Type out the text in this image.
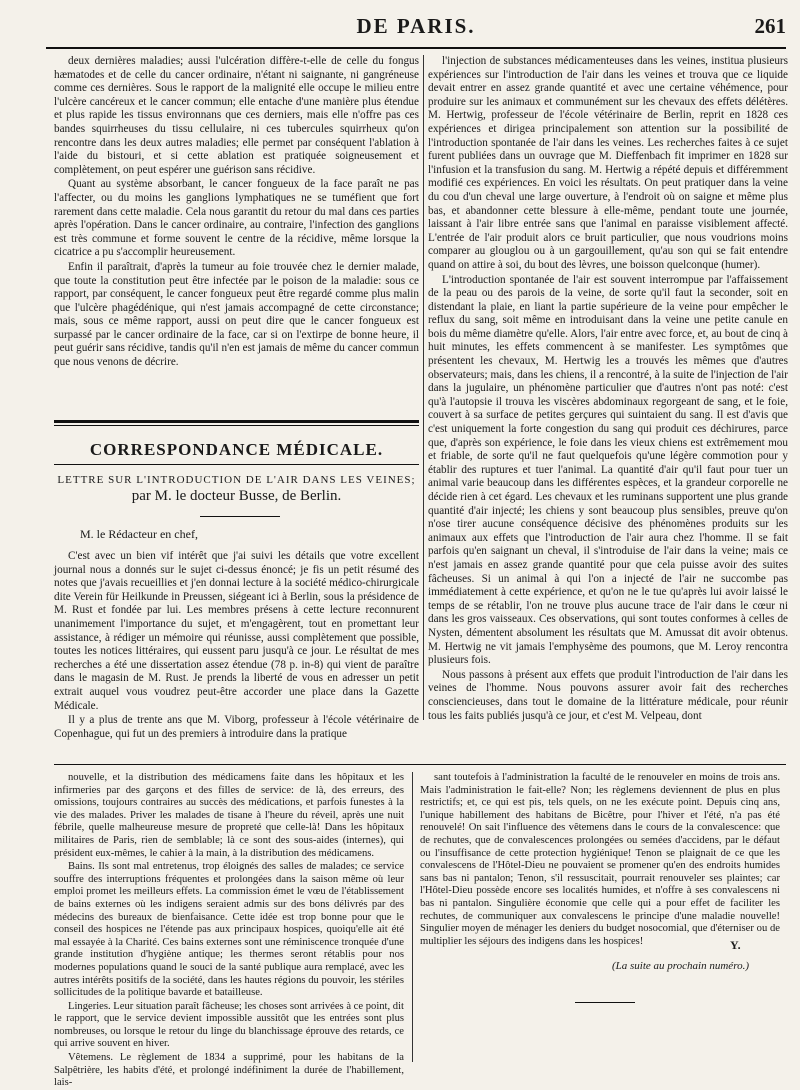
DE PARIS.	261

deux dernières maladies; aussi l'ulcération diffère-t-elle de celle du fongus hæmatodes et de celle du cancer ordinaire, n'étant ni saignante, ni gangréneuse comme ces dernières. Sous le rapport de la malignité elle occupe le milieu entre l'ulcère cancéreux et le cancer commun; elle entache d'une manière plus étendue et plus rapide les tissus environnans que ces derniers, mais elle n'offre pas ces bandes squirrheuses du tissu cellulaire, ni ces tubercules squirrheux qu'on rencontre dans les deux autres maladies; elle permet par conséquent l'ablation à l'aide du bistouri, et si cette ablation est pratiquée soigneusement et complètement, on peut espérer une guérison sans récidive.

Quant au système absorbant, le cancer fongueux de la face paraît ne pas l'affecter, ou du moins les ganglions lymphatiques ne se tuméfient que fort rarement dans cette maladie. Cela nous garantit du retour du mal dans ces parties après l'opération. Dans le cancer ordinaire, au contraire, l'infection des ganglions est très commune et forme souvent le centre de la récidive, même lorsque la cicatrice a pu s'accomplir heureusement.

Enfin il paraîtrait, d'après la tumeur au foie trouvée chez le dernier malade, que toute la constitution peut être infectée par le poison de la maladie: sous ce rapport, par conséquent, le cancer fongueux peut être regardé comme plus malin que l'ulcère phagédénique, qui n'est jamais accompagné de cette circonstance; mais, sous ce même rapport, aussi on peut dire que le cancer fongueux est surpassé par le cancer ordinaire de la face, car si on l'extirpe de bonne heure, il peut guérir sans récidive, tandis qu'il n'en est jamais de même du cancer commun que nous venons de décrire.

CORRESPONDANCE MÉDICALE.
LETTRE SUR L'INTRODUCTION DE L'AIR DANS LES VEINES;
par M. le docteur Busse, de Berlin.
M. le Rédacteur en chef,

C'est avec un bien vif intérêt que j'ai suivi les détails que votre excellent journal nous a donnés sur le sujet ci-dessus énoncé; je fis un petit résumé des notes que j'avais recueillies et j'en donnai lecture à la société médico-chirurgicale dite Verein für Heilkunde in Preussen, siégeant ici à Berlin, sous la présidence de M. Rust et fondée par lui. Les membres présens à cette lecture reconnurent unanimement l'importance du sujet, et m'engagèrent, tout en promettant leur assistance, à rédiger un mémoire qui réunisse, aussi complètement que possible, toutes les notices littéraires, qui eussent paru jusqu'à ce jour. Le résultat de mes recherches a été une dissertation assez étendue (78 p. in-8) qui vient de paraître dans le magasin de M. Rust. Je prends la liberté de vous en adresser un petit extrait auquel vous voudrez peut-être accorder une place dans la Gazette Médicale.

Il y a plus de trente ans que M. Viborg, professeur à l'école vétérinaire de Copenhague, qui fut un des premiers à introduire dans la pratique

l'injection de substances médicamenteuses dans les veines, institua plusieurs expériences sur l'introduction de l'air dans les veines et trouva que ce liquide devait entrer en assez grande quantité et avec une certaine véhémence, pour produire sur les animaux et communément sur les chevaux des effets délétères. M. Hertwig, professeur de l'école vétérinaire de Berlin, reprit en 1828 ces expériences et dirigea principalement son attention sur la possibilité de l'introduction spontanée de l'air dans les veines. Les recherches faites à ce sujet furent publiées dans un ouvrage que M. Dieffenbach fit imprimer en 1828 sur l'infusion et la transfusion du sang. M. Hertwig a répété depuis et différemment modifié ces expériences. En voici les résultats. On peut pratiquer dans la veine du cou d'un cheval une large ouverture, à l'endroit où on saigne et même plus bas, et abandonner cette blessure à elle-même, pendant toute une journée, laissant à l'air libre entrée sans que l'animal en paraisse visiblement affecté. L'entrée de l'air produit alors ce bruit particulier, que nous voudrions moins comparer au glouglou ou à un gargouillement, qu'au son qui se fait entendre quand on attire à soi, du bout des lèvres, une boisson quelconque (humer).

L'introduction spontanée de l'air est souvent interrompue par l'affaissement de la peau ou des parois de la veine, de sorte qu'il faut la seconder, soit en distendant la plaie, en liant la partie supérieure de la veine pour empêcher le reflux du sang, soit même en introduisant dans la veine une petite canule en bois du même diamètre qu'elle. Alors, l'air entre avec force, et, au bout de cinq à huit minutes, les effets commencent à se manifester. Les symptômes que présentent les chevaux, M. Hertwig les a trouvés les mêmes que d'autres observateurs; mais, dans les chiens, il a rencontré, à la suite de l'injection de l'air dans la jugulaire, un phénomène particulier que d'autres n'ont pas noté: c'est qu'à l'autopsie il trouva les viscères abdominaux regorgeant de sang, et le foie, couvert à sa surface de petites gerçures qui suintaient du sang. Il est d'avis que c'est uniquement la forte congestion du sang qui produit ces déchirures, parce que, d'après son expérience, le foie dans les vieux chiens est extrêmement mou et friable, de sorte qu'il ne faut quelquefois qu'une légère commotion pour y établir des ruptures et tuer l'animal. La quantité d'air qu'il faut pour tuer un animal varie beaucoup dans les différentes espèces, et la grandeur corporelle ne décide rien à cet égard. Les chevaux et les ruminans supportent une plus grande quantité d'air injecté; les chiens y sont beaucoup plus sensibles, preuve qu'on n'ose tirer aucune conséquence décisive des phénomènes produits sur les animaux aux effets que l'introduction de l'air aura chez l'homme. Il se fait parfois qu'en saignant un cheval, il s'introduise de l'air dans la veine; mais ce n'est jamais en assez grande quantité pour que cela puisse avoir des suites fâcheuses. Si un animal à qui l'on a injecté de l'air ne succombe pas immédiatement à cette expérience, et qu'on ne le tue qu'après lui avoir laissé le temps de se rétablir, l'on ne trouve plus aucune trace de l'air dans le cœur ni dans les gros vaisseaux. Ces observations, qui sont toutes conformes à celles de Nysten, démentent absolument les résultats que M. Amussat dit avoir obtenus. M. Hertwig ne vit jamais l'emphysème des poumons, que M. Leroy rencontra plusieurs fois.

Nous passons à présent aux effets que produit l'introduction de l'air dans les veines de l'homme. Nous pouvons assurer avoir fait des recherches consciencieuses, dans tout le domaine de la littérature médicale, pour réunir tous les faits publiés jusqu'à ce jour, et c'est M. Velpeau, dont

nouvelle, et la distribution des médicamens faite dans les hôpitaux et les infirmeries par des garçons et des filles de service: de là, des erreurs, des omissions, toujours contraires au succès des médications, et parfois funestes à la vie des malades. Priver les malades de tisane à l'heure du réveil, après une nuit fébrile, quelle malheureuse mesure de propreté que celle-là! Dans les hôpitaux militaires de Paris, rien de semblable; là ce sont des sous-aides (internes), qui président eux-mêmes, le cahier à la main, à la distribution des médicamens.

Bains. Ils sont mal entretenus, trop éloignés des salles de malades; ce service souffre des interruptions fréquentes et prolongées dans la saison même où leur emploi promet les meilleurs effets. La commission émet le vœu de l'établissement de bains externes où les indigens seraient admis sur des bons délivrés par des médecins des bureaux de bienfaisance. Cette idée est trop bonne pour que le conseil des hospices ne l'étende pas aux principaux hospices, quoiqu'elle ait été mal essayée à la Charité. Ces bains externes sont une réminiscence tronquée d'une grande institution d'hygiène antique; les thermes seront rétablis pour nos modernes populations quand le souci de la santé publique aura remplacé, avec les autres intérêts positifs de la société, dans les hautes régions du pouvoir, les stériles sollicitudes de la politique bavarde et batailleuse.

Lingeries. Leur situation paraît fâcheuse; les choses sont arrivées à ce point, dit le rapport, que le service devient impossible aussitôt que les entrées sont plus nombreuses, ou lorsque le retour du linge du blanchissage éprouve des retards, ce qui arrive souvent en hiver.

Vêtemens. Le règlement de 1834 a supprimé, pour les habitans de la Salpêtrière, les habits d'été, et prolongé indéfiniment la durée de l'habillement, lais-

sant toutefois à l'administration la faculté de le renouveler en moins de trois ans. Mais l'administration le fait-elle? Non; les règlemens deviennent de plus en plus restrictifs; et, ce qui est pis, tels quels, on ne les exécute point. Depuis cinq ans, l'unique habillement des habitans de Bicêtre, pour l'hiver et l'été, n'a pas été renouvelé! On sait l'influence des vêtemens dans le cours de la convalescence: que de rechutes, que de convalescences prolongées ou semées d'accidens, par le défaut ou l'insuffisance de cette protection hygiénique! Tenon se plaignait de ce que les convalescens de l'Hôtel-Dieu ne pouvaient se promener qu'en des endroits humides sans bas ni pantalon; Tenon, s'il ressuscitait, pourrait renouveler ses plaintes; car l'Hôtel-Dieu possède encore ses localités humides, et n'offre à ses convalescens ni bas ni pantalon. Singulière économie que celle qui a pour effet de faciliter les rechutes, de communiquer aux convalescens le principe d'une maladie nouvelle! Singulier moyen de ménager les deniers du budget nosocomial, que d'éterniser ou de multiplier les séjours des indigens dans les hospices!	Y.
(La suite au prochain numéro.)
